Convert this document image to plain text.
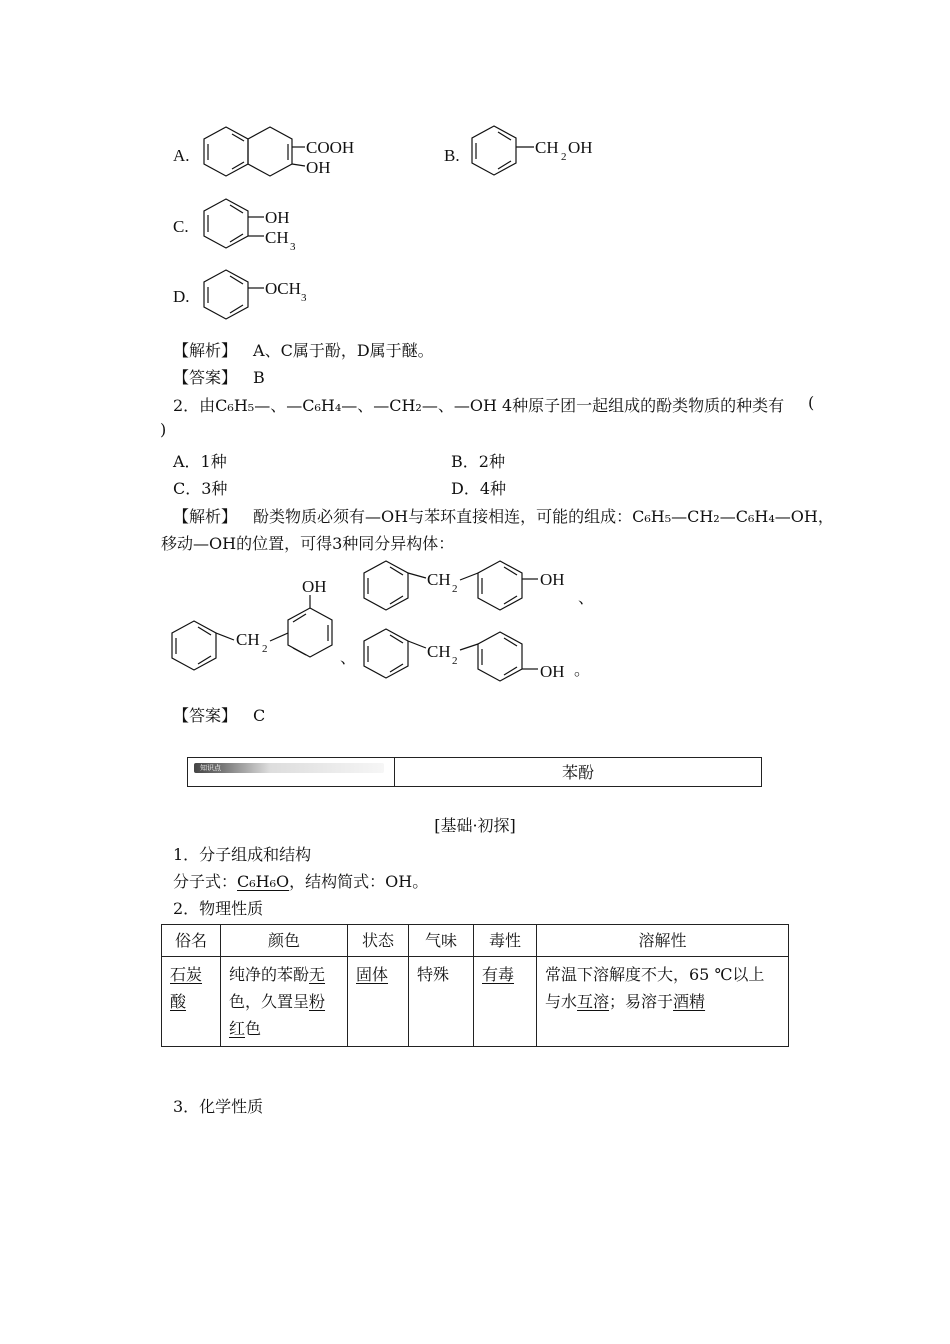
COOH
OH
CH 2 OH
OH
CH 3
OCH 3
A.	B.
C.
D.
【解析】 A、C属于酚，D属于醚。
【答案】 B
2．由C₆H₅—、—C₆H₄—、—CH₂—、—OH 4种原子团一起组成的酚类物质的种类有 (
)
A．1种	B．2种
C．3种	D．4种
【解析】 酚类物质必须有—OH与苯环直接相连，可能的组成：C₆H₅—CH₂—C₆H₄—OH，
移动—OH的位置，可得3种同分异构体：
CH 2
OH	CH 2	OH
CH 2
OH
、
、
。
【答案】 C
知识点	苯酚
[基础·初探]
1．分子组成和结构
分子式：C₆H₆O，结构简式：OH。
2．物理性质
俗名	颜色	状态	气味	毒性	溶解性
石炭酸	纯净的苯酚无色，久置呈粉红色	固体	特殊	有毒	常温下溶解度不大，65 ℃以上与水互溶；易溶于酒精
3．化学性质
